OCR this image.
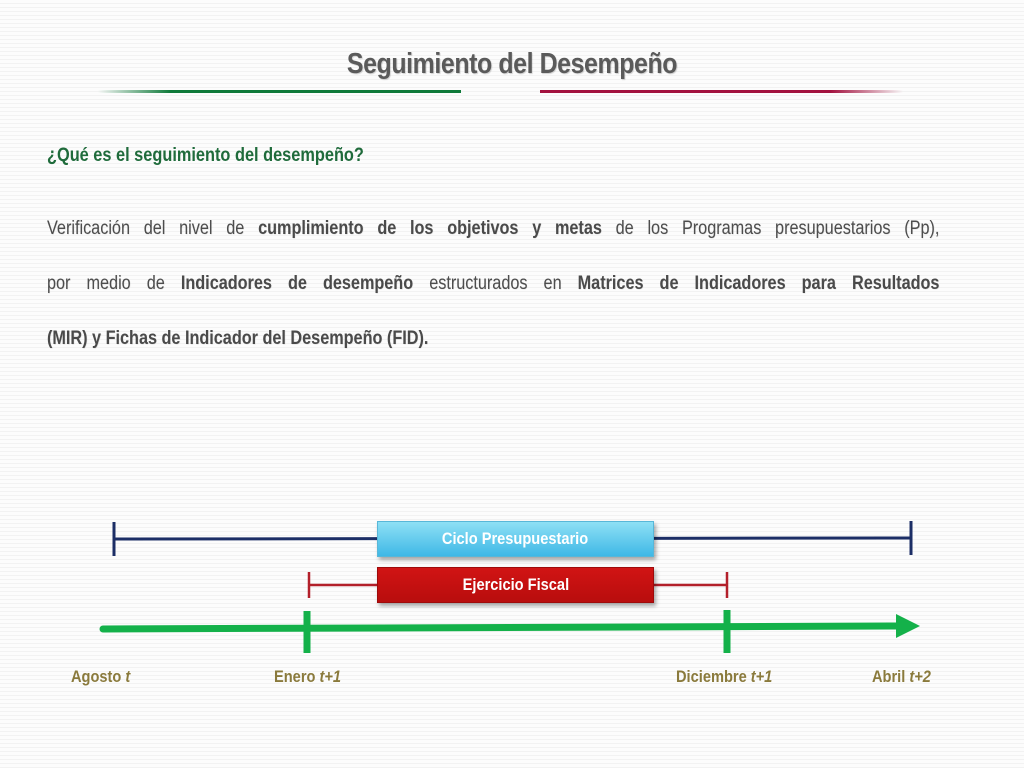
Seguimiento del Desempeño
¿Qué es el seguimiento del desempeño?
Verificación del nivel de cumplimiento de los objetivos y metas de los Programas presupuestarios (Pp),
por medio de Indicadores de desempeño estructurados en Matrices de Indicadores para Resultados
(MIR) y Fichas de Indicador del Desempeño (FID).
Ciclo Presupuestario
Ejercicio Fiscal
Agosto t	Enero t+1	Diciembre t+1	Abril t+2
